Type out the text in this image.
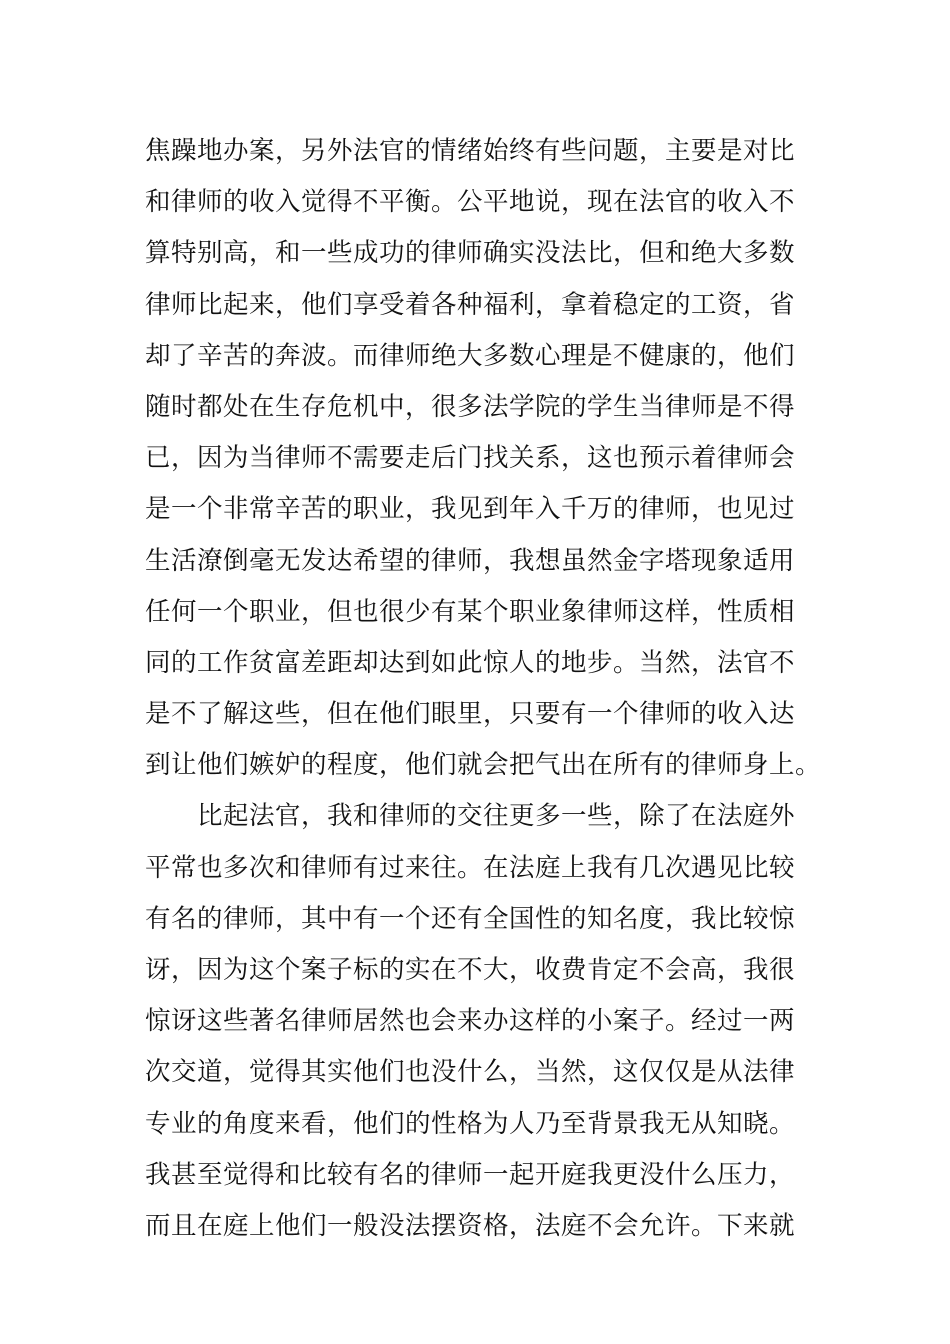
焦躁地办案，另外法官的情绪始终有些问题，主要是对比
和律师的收入觉得不平衡。公平地说，现在法官的收入不
算特别高，和一些成功的律师确实没法比，但和绝大多数
律师比起来，他们享受着各种福利，拿着稳定的工资，省
却了辛苦的奔波。而律师绝大多数心理是不健康的，他们
随时都处在生存危机中，很多法学院的学生当律师是不得
已，因为当律师不需要走后门找关系，这也预示着律师会
是一个非常辛苦的职业，我见到年入千万的律师，也见过
生活潦倒毫无发达希望的律师，我想虽然金字塔现象适用
任何一个职业，但也很少有某个职业象律师这样，性质相
同的工作贫富差距却达到如此惊人的地步。当然，法官不
是不了解这些，但在他们眼里，只要有一个律师的收入达
到让他们嫉妒的程度，他们就会把气出在所有的律师身上。
比起法官，我和律师的交往更多一些，除了在法庭外
平常也多次和律师有过来往。在法庭上我有几次遇见比较
有名的律师，其中有一个还有全国性的知名度，我比较惊
讶，因为这个案子标的实在不大，收费肯定不会高，我很
惊讶这些著名律师居然也会来办这样的小案子。经过一两
次交道，觉得其实他们也没什么，当然，这仅仅是从法律
专业的角度来看，他们的性格为人乃至背景我无从知晓。
我甚至觉得和比较有名的律师一起开庭我更没什么压力，
而且在庭上他们一般没法摆资格，法庭不会允许。下来就
